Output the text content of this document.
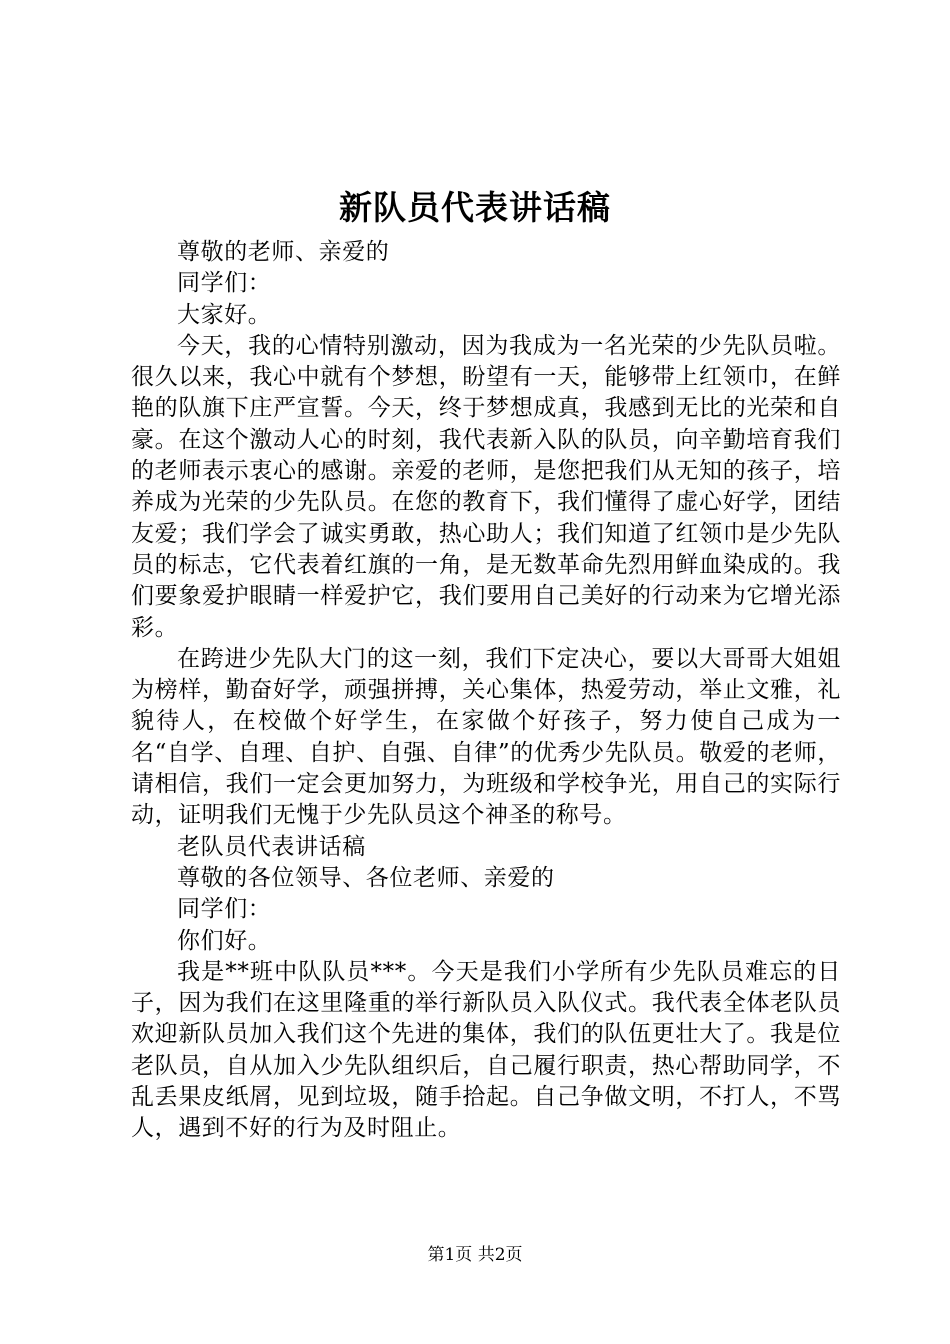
新队员代表讲话稿

尊敬的老师、亲爱的

同学们：

大家好。

今天，我的心情特别激动，因为我成为一名光荣的少先队员啦。很久以来，我心中就有个梦想，盼望有一天，能够带上红领巾，在鲜艳的队旗下庄严宣誓。今天，终于梦想成真，我感到无比的光荣和自豪。在这个激动人心的时刻，我代表新入队的队员，向辛勤培育我们的老师表示衷心的感谢。亲爱的老师，是您把我们从无知的孩子，培养成为光荣的少先队员。在您的教育下，我们懂得了虚心好学，团结友爱；我们学会了诚实勇敢，热心助人；我们知道了红领巾是少先队员的标志，它代表着红旗的一角，是无数革命先烈用鲜血染成的。我们要象爱护眼睛一样爱护它，我们要用自己美好的行动来为它增光添彩。

在跨进少先队大门的这一刻，我们下定决心，要以大哥哥大姐姐为榜样，勤奋好学，顽强拼搏，关心集体，热爱劳动，举止文雅，礼貌待人，在校做个好学生，在家做个好孩子，努力使自己成为一名“自学、自理、自护、自强、自律”的优秀少先队员。敬爱的老师，请相信，我们一定会更加努力，为班级和学校争光，用自己的实际行动，证明我们无愧于少先队员这个神圣的称号。

老队员代表讲话稿

尊敬的各位领导、各位老师、亲爱的

同学们：

你们好。

我是**班中队队员***。今天是我们小学所有少先队员难忘的日子，因为我们在这里隆重的举行新队员入队仪式。我代表全体老队员欢迎新队员加入我们这个先进的集体，我们的队伍更壮大了。我是位老队员，自从加入少先队组织后，自己履行职责，热心帮助同学，不乱丢果皮纸屑，见到垃圾，随手拾起。自己争做文明，不打人，不骂人，遇到不好的行为及时阻止。

第1页 共2页
